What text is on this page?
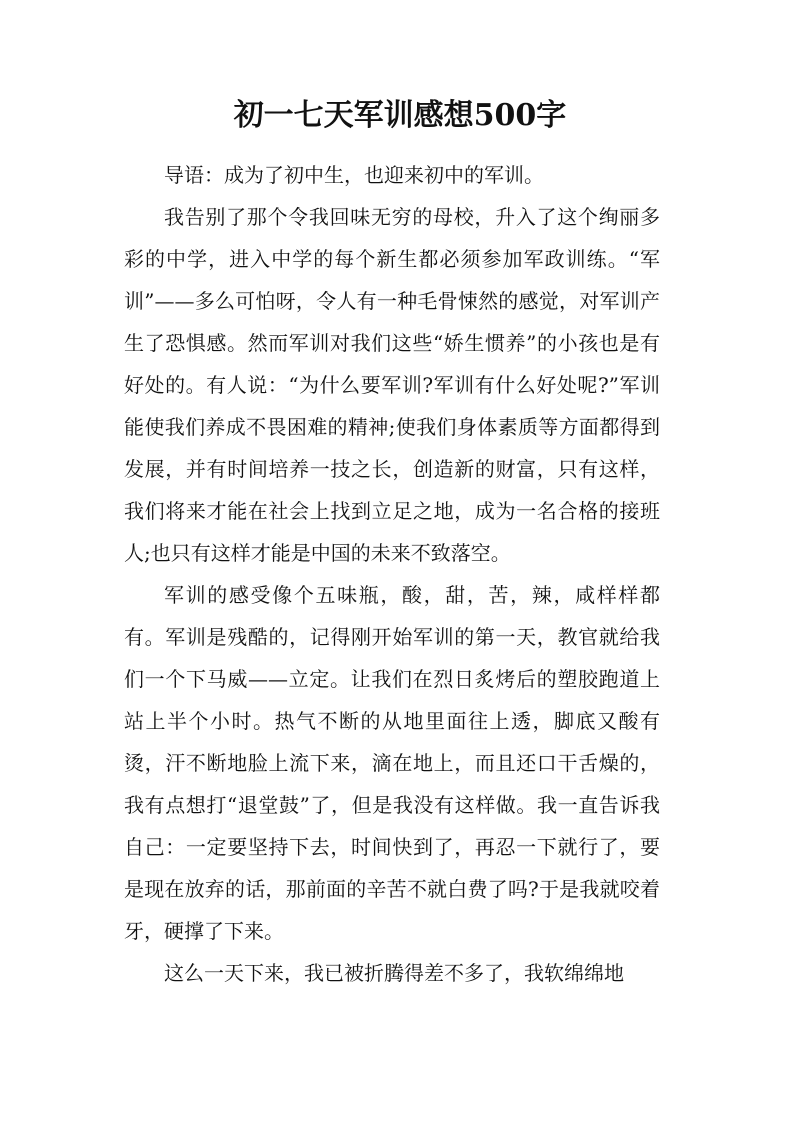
初一七天军训感想500字

导语：成为了初中生，也迎来初中的军训。

我告别了那个令我回味无穷的母校，升入了这个绚丽多彩的中学，进入中学的每个新生都必须参加军政训练。“军训”——多么可怕呀，令人有一种毛骨悚然的感觉，对军训产生了恐惧感。然而军训对我们这些“娇生惯养”的小孩也是有好处的。有人说：“为什么要军训?军训有什么好处呢?”军训能使我们养成不畏困难的精神;使我们身体素质等方面都得到发展，并有时间培养一技之长，创造新的财富，只有这样，我们将来才能在社会上找到立足之地，成为一名合格的接班人;也只有这样才能是中国的未来不致落空。

军训的感受像个五味瓶，酸，甜，苦，辣，咸样样都有。军训是残酷的，记得刚开始军训的第一天，教官就给我们一个下马威——立定。让我们在烈日炙烤后的塑胶跑道上站上半个小时。热气不断的从地里面往上透，脚底又酸有烫，汗不断地脸上流下来，滴在地上，而且还口干舌燥的，我有点想打“退堂鼓”了，但是我没有这样做。我一直告诉我自己：一定要坚持下去，时间快到了，再忍一下就行了，要是现在放弃的话，那前面的辛苦不就白费了吗?于是我就咬着牙，硬撑了下来。

这么一天下来，我已被折腾得差不多了，我软绵绵地
